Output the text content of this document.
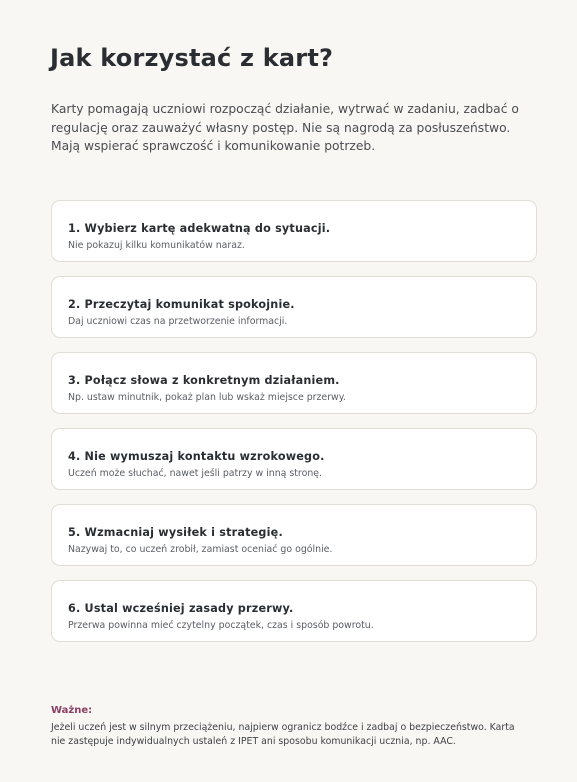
Jak korzystać z kart?

Karty pomagają uczniowi rozpocząć działanie, wytrwać w zadaniu, zadbać o regulację oraz zauważyć własny postęp. Nie są nagrodą za posłuszeństwo. Mają wspierać sprawczość i komunikowanie potrzeb.

1. Wybierz kartę adekwatną do sytuacji.
Nie pokazuj kilku komunikatów naraz.
2. Przeczytaj komunikat spokojnie.
Daj uczniowi czas na przetworzenie informacji.
3. Połącz słowa z konkretnym działaniem.
Np. ustaw minutnik, pokaż plan lub wskaż miejsce przerwy.
4. Nie wymuszaj kontaktu wzrokowego.
Uczeń może słuchać, nawet jeśli patrzy w inną stronę.
5. Wzmacniaj wysiłek i strategię.
Nazywaj to, co uczeń zrobił, zamiast oceniać go ogólnie.
6. Ustal wcześniej zasady przerwy.
Przerwa powinna mieć czytelny początek, czas i sposób powrotu.
Ważne:

Jeżeli uczeń jest w silnym przeciążeniu, najpierw ogranicz bodźce i zadbaj o bezpieczeństwo. Karta nie zastępuje indywidualnych ustaleń z IPET ani sposobu komunikacji ucznia, np. AAC.
